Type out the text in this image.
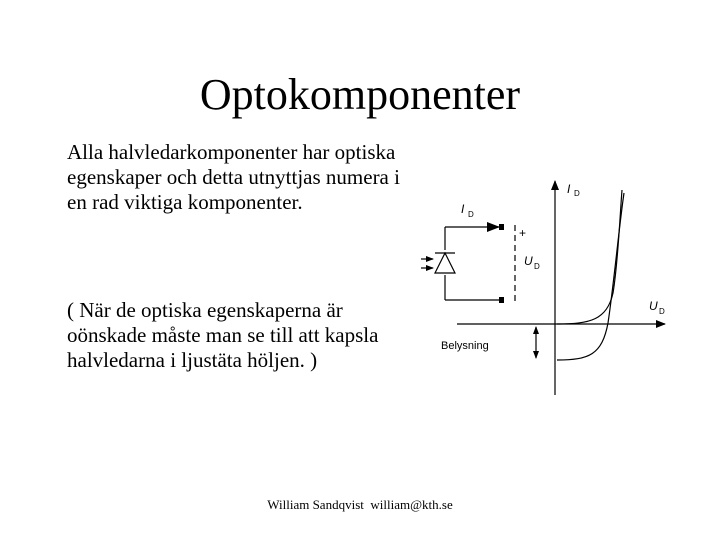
Optokomponenter

Alla halvledarkomponenter har optiska egenskaper och detta utnyttjas numera i en rad viktiga komponenter.

( När de optiska egenskaperna är oönskade måste man se till att kapsla halvledarna i ljustäta höljen. )

I D
+
U D
I D
U D
Belysning
William Sandqvist  william@kth.se
